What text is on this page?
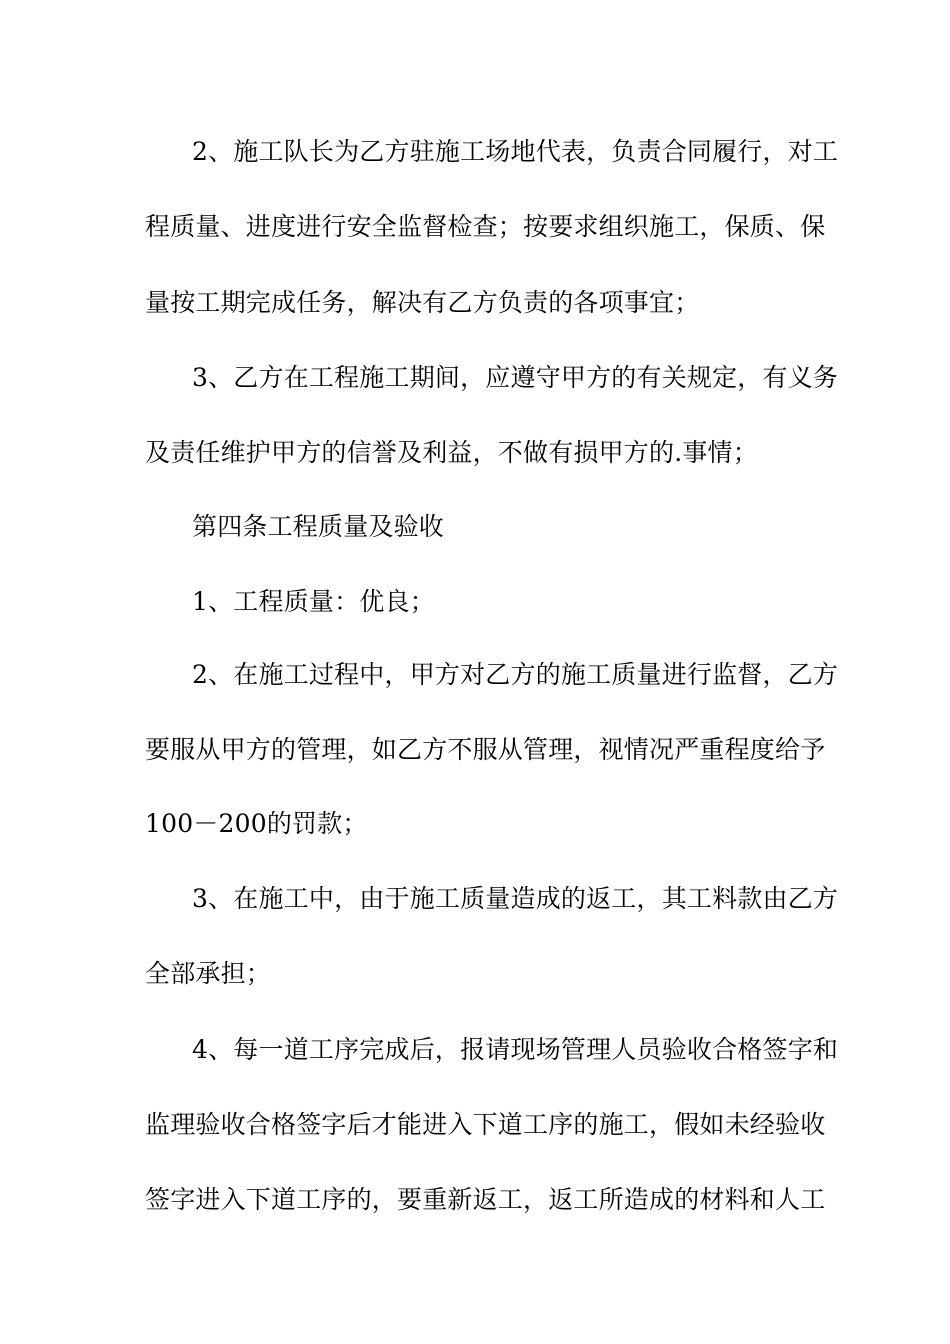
2、施工队长为乙方驻施工场地代表，负责合同履行，对工
程质量、进度进行安全监督检查；按要求组织施工，保质、保
量按工期完成任务，解决有乙方负责的各项事宜；
3、乙方在工程施工期间，应遵守甲方的有关规定，有义务
及责任维护甲方的信誉及利益，不做有损甲方的.事情；
第四条工程质量及验收
1、工程质量：优良；
2、在施工过程中，甲方对乙方的施工质量进行监督，乙方
要服从甲方的管理，如乙方不服从管理，视情况严重程度给予
100－200的罚款；
3、在施工中，由于施工质量造成的返工，其工料款由乙方
全部承担；
4、每一道工序完成后，报请现场管理人员验收合格签字和
监理验收合格签字后才能进入下道工序的施工，假如未经验收
签字进入下道工序的，要重新返工，返工所造成的材料和人工
